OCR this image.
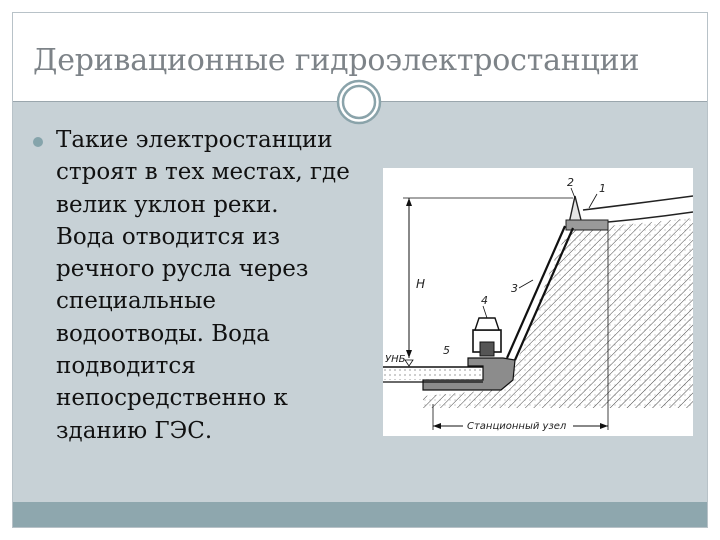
Деривационные гидроэлектростанции

Такие электростанции
строят в тех местах, где
велик уклон реки.
Вода отводится из
речного русла через
специальные
водоотводы. Вода
подводится
непосредственно к
зданию ГЭС.

H
Станционный узел
1
2
3
4
5
УНБ
